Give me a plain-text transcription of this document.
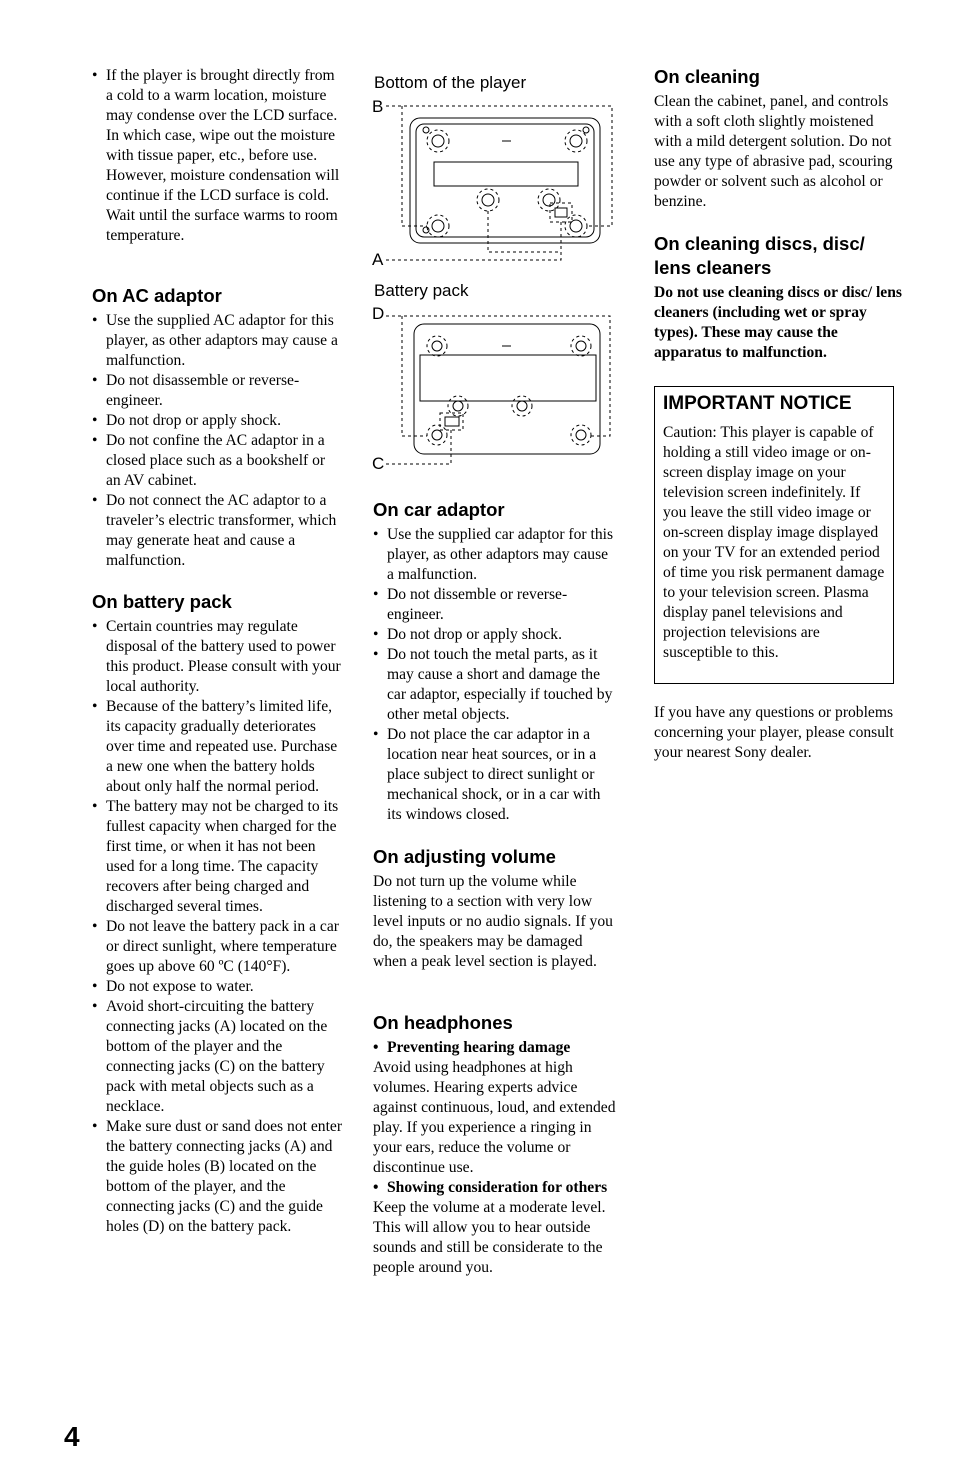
• If the player is brought directly from a cold to a warm location, moisture may condense over the LCD surface. In which case, wipe out the moisture with tissue paper, etc., before use. However, moisture condensation will continue if the LCD surface is cold. Wait until the surface warms to room temperature.
On AC adaptor
• Use the supplied AC adaptor for this player, as other adaptors may cause a malfunction.
• Do not disassemble or reverse-engineer.
• Do not drop or apply shock.
• Do not confine the AC adaptor in a closed place such as a bookshelf or an AV cabinet.
• Do not connect the AC adaptor to a traveler’s electric transformer, which may generate heat and cause a malfunction.
On battery pack
• Certain countries may regulate disposal of the battery used to power this product. Please consult with your local authority.
• Because of the battery’s limited life, its capacity gradually deteriorates over time and repeated use. Purchase a new one when the battery holds about only half the normal period.
• The battery may not be charged to its fullest capacity when charged for the first time, or when it has not been used for a long time. The capacity recovers after being charged and discharged several times.
• Do not leave the battery pack in a car or direct sunlight, where temperature goes up above 60 ºC (140°F).
• Do not expose to water.
• Avoid short-circuiting the battery connecting jacks (A) located on the bottom of the player and the connecting jacks (C) on the battery pack with metal objects such as a necklace.
• Make sure dust or sand does not enter the battery connecting jacks (A) and the guide holes (B) located on the bottom of the player, and the connecting jacks (C) and the guide holes (D) on the battery pack.
Bottom of the player
B
A
Battery pack
D
C
On car adaptor
• Use the supplied car adaptor for this player, as other adaptors may cause a malfunction.
• Do not dissemble or reverse-engineer.
• Do not drop or apply shock.
• Do not touch the metal parts, as it may cause a short and damage the car adaptor, especially if touched by other metal objects.
• Do not place the car adaptor in a location near heat sources, or in a place subject to direct sunlight or mechanical shock, or in a car with its windows closed.
On adjusting volume

Do not turn up the volume while listening to a section with very low level inputs or no audio signals. If you do, the speakers may be damaged when a peak level section is played.

On headphones
• Preventing hearing damage

Avoid using headphones at high volumes. Hearing experts advice against continuous, loud, and extended play. If you experience a ringing in your ears, reduce the volume or discontinue use.

• Showing consideration for others

Keep the volume at a moderate level. This will allow you to hear outside sounds and still be considerate to the people around you.

On cleaning

Clean the cabinet, panel, and controls with a soft cloth slightly moistened with a mild detergent solution. Do not use any type of abrasive pad, scouring powder or solvent such as alcohol or benzine.

On cleaning discs, disc/ lens cleaners

Do not use cleaning discs or disc/ lens cleaners (including wet or spray types). These may cause the apparatus to malfunction.

If you have any questions or problems concerning your player, please consult your nearest Sony dealer.

IMPORTANT NOTICE

Caution: This player is capable of holding a still video image or on-screen display image on your television screen indefinitely. If you leave the still video image or on-screen display image displayed on your TV for an extended period of time you risk permanent damage to your television screen. Plasma display panel televisions and projection televisions are susceptible to this.

4
